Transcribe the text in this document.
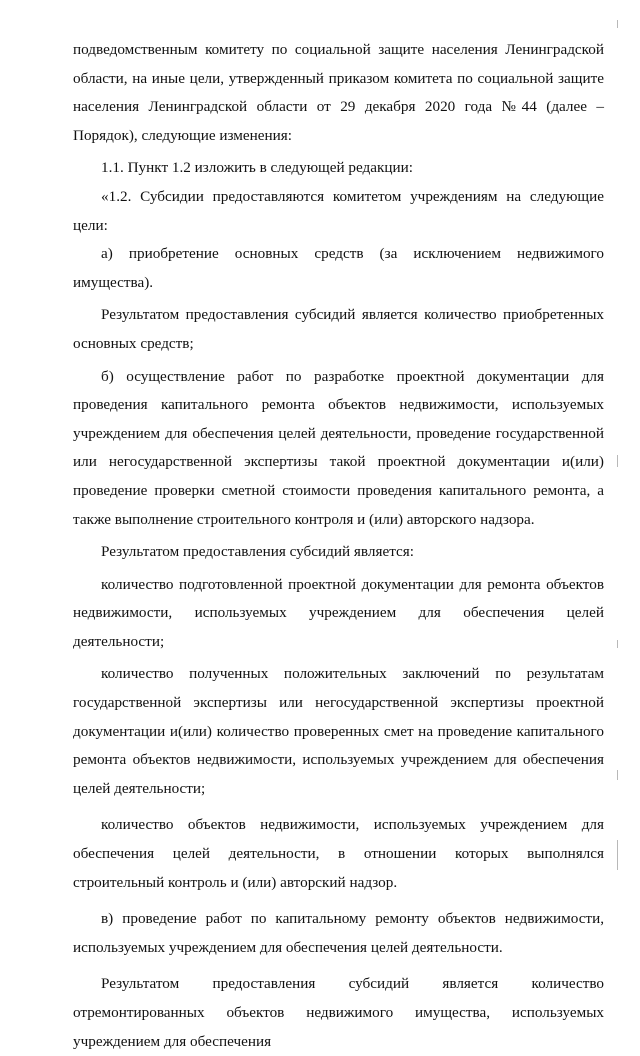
подведомственным комитету по социальной защите населения Ленинградской области, на иные цели, утвержденный приказом комитета по социальной защите населения Ленинградской области от 29 декабря 2020 года №44 (далее – Порядок), следующие изменения:

1.1. Пункт 1.2 изложить в следующей редакции:

«1.2. Субсидии предоставляются комитетом учреждениям на следующие цели:

а) приобретение основных средств (за исключением недвижимого имущества).

Результатом предоставления субсидий является количество приобретенных основных средств;

б) осуществление работ по разработке проектной документации для проведения капитального ремонта объектов недвижимости, используемых учреждением для обеспечения целей деятельности, проведение государственной или негосударственной экспертизы такой проектной документации и(или) проведение проверки сметной стоимости проведения капитального ремонта, а также выполнение строительного контроля и (или) авторского надзора.

Результатом предоставления субсидий является:

количество подготовленной проектной документации для ремонта объектов недвижимости, используемых учреждением для обеспечения целей деятельности;

количество полученных положительных заключений по результатам государственной экспертизы или негосударственной экспертизы проектной документации и(или) количество проверенных смет на проведение капитального ремонта объектов недвижимости, используемых учреждением для обеспечения целей деятельности;

количество объектов недвижимости, используемых учреждением для обеспечения целей деятельности, в отношении которых выполнялся строительный контроль и (или) авторский надзор.

в) проведение работ по капитальному ремонту объектов недвижимости, используемых учреждением для обеспечения целей деятельности.

Результатом предоставления субсидий является количество отремонтированных объектов недвижимого имущества, используемых учреждением для обеспечения
